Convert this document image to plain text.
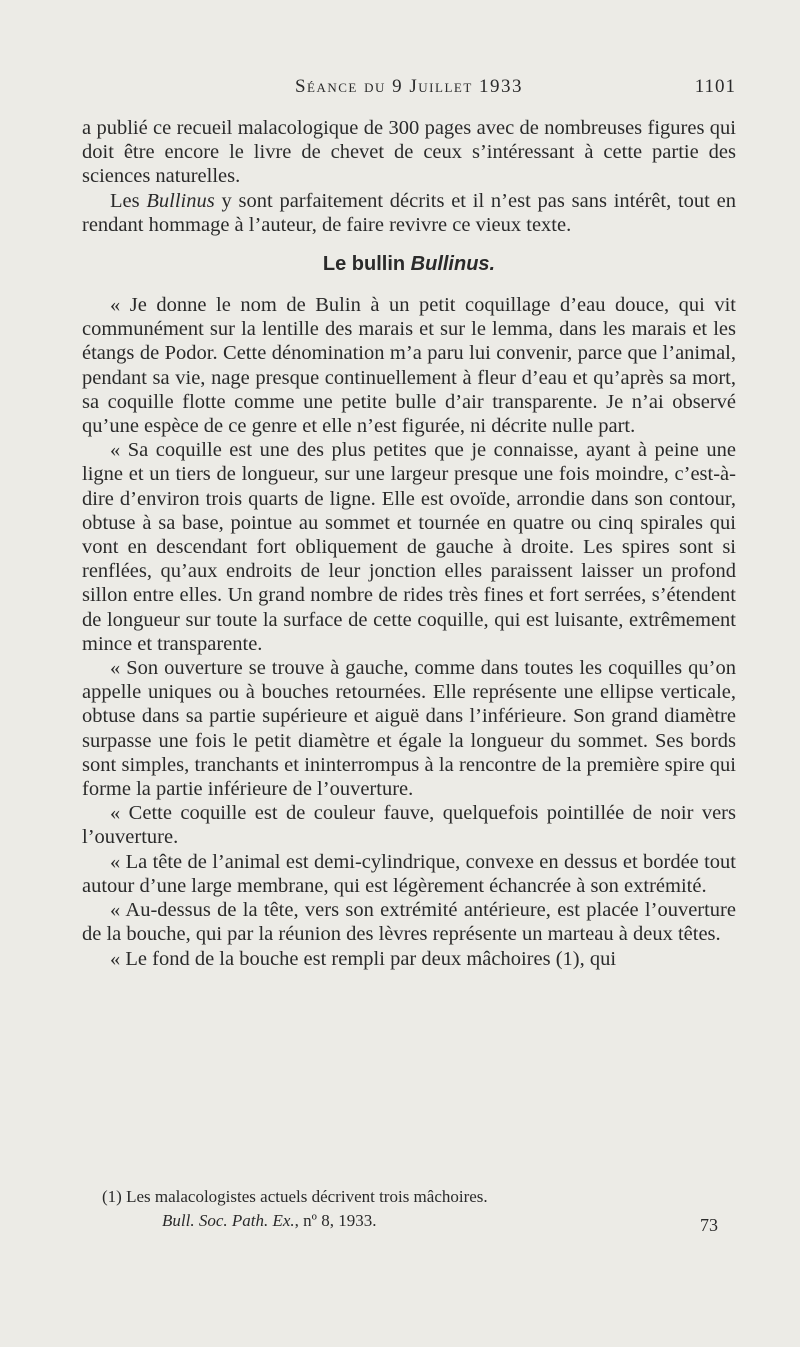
Séance du 9 Juillet 1933	1101

a publié ce recueil malacologique de 300 pages avec de nombreuses figures qui doit être encore le livre de chevet de ceux s’intéressant à cette partie des sciences naturelles.

Les Bullinus y sont parfaitement décrits et il n’est pas sans intérêt, tout en rendant hommage à l’auteur, de faire revivre ce vieux texte.

Le bullin Bullinus.

« Je donne le nom de Bulin à un petit coquillage d’eau douce, qui vit communément sur la lentille des marais et sur le lemma, dans les marais et les étangs de Podor. Cette dénomination m’a paru lui convenir, parce que l’animal, pendant sa vie, nage presque continuellement à fleur d’eau et qu’après sa mort, sa coquille flotte comme une petite bulle d’air transparente. Je n’ai observé qu’une espèce de ce genre et elle n’est figurée, ni décrite nulle part.

« Sa coquille est une des plus petites que je connaisse, ayant à peine une ligne et un tiers de longueur, sur une largeur presque une fois moindre, c’est-à-dire d’environ trois quarts de ligne. Elle est ovoïde, arrondie dans son contour, obtuse à sa base, pointue au sommet et tournée en quatre ou cinq spirales qui vont en descendant fort obliquement de gauche à droite. Les spires sont si renflées, qu’aux endroits de leur jonction elles paraissent laisser un profond sillon entre elles. Un grand nombre de rides très fines et fort serrées, s’étendent de longueur sur toute la surface de cette coquille, qui est luisante, extrêmement mince et transparente.

« Son ouverture se trouve à gauche, comme dans toutes les coquilles qu’on appelle uniques ou à bouches retournées. Elle représente une ellipse verticale, obtuse dans sa partie supérieure et aiguë dans l’inférieure. Son grand diamètre surpasse une fois le petit diamètre et égale la longueur du sommet. Ses bords sont simples, tranchants et ininterrompus à la rencontre de la première spire qui forme la partie inférieure de l’ouverture.

« Cette coquille est de couleur fauve, quelquefois pointillée de noir vers l’ouverture.

« La tête de l’animal est demi-cylindrique, convexe en dessus et bordée tout autour d’une large membrane, qui est légèrement échancrée à son extrémité.

« Au-dessus de la tête, vers son extrémité antérieure, est placée l’ouverture de la bouche, qui par la réunion des lèvres représente un marteau à deux têtes.

« Le fond de la bouche est rempli par deux mâchoires (1), qui

(1) Les malacologistes actuels décrivent trois mâchoires.
Bull. Soc. Path. Ex., nº 8, 1933.	73
